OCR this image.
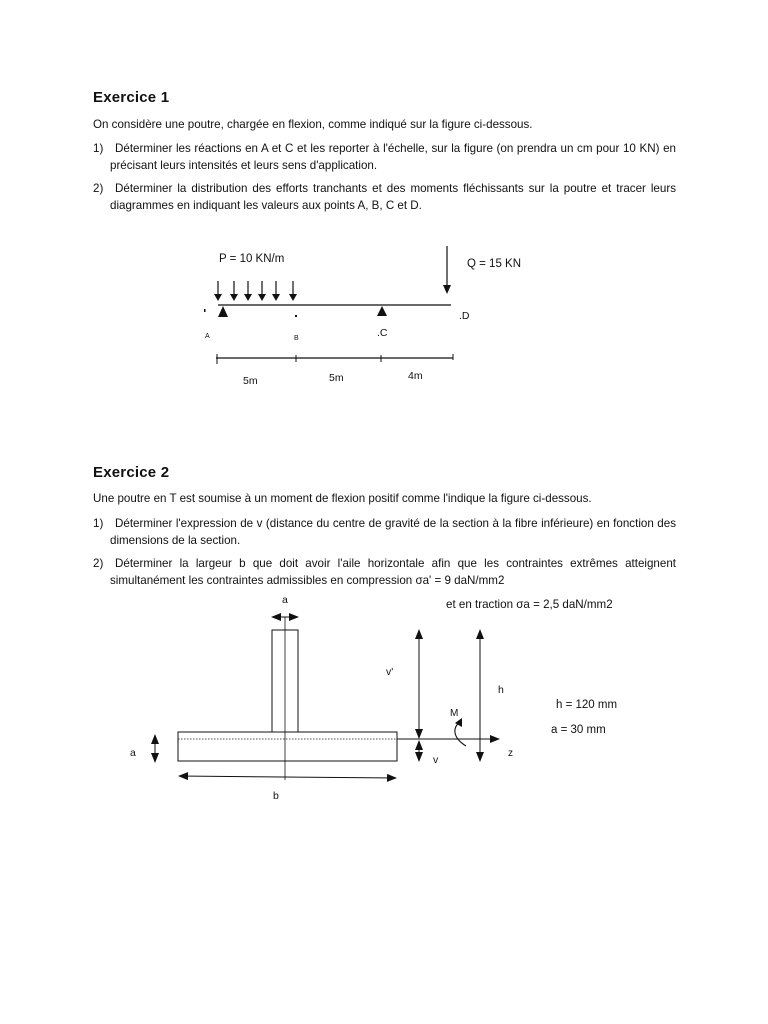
Exercice 1
On considère une poutre, chargée en flexion, comme indiqué sur la figure ci-dessous.
1)	Déterminer les réactions en A et C et les reporter à l'échelle, sur la figure (on prendra un cm pour 10 KN) en précisant leurs intensités et leurs sens d'application.
2)	Déterminer la distribution des efforts tranchants et des moments fléchissants sur la poutre et tracer leurs diagrammes en indiquant les valeurs aux points A, B, C et D.
A	B	.C
.D
P = 10 KN/m	Q = 15 KN
5m	5m	4m
Exercice 2
Une poutre en T est soumise à un moment de flexion positif comme l'indique la figure ci-dessous.
1)	Déterminer l'expression de v (distance du centre de gravité de la section à la fibre inférieure) en fonction des dimensions de la section.
2)	Déterminer la largeur b que doit avoir l'aile horizontale afin que les contraintes extrêmes atteignent simultanément les contraintes admissibles en compression σa' = 9 daN/mm2
et en traction σa = 2,5 daN/mm2
a
a
b
v'
v
h
z
M
h = 120 mm
a = 30 mm
